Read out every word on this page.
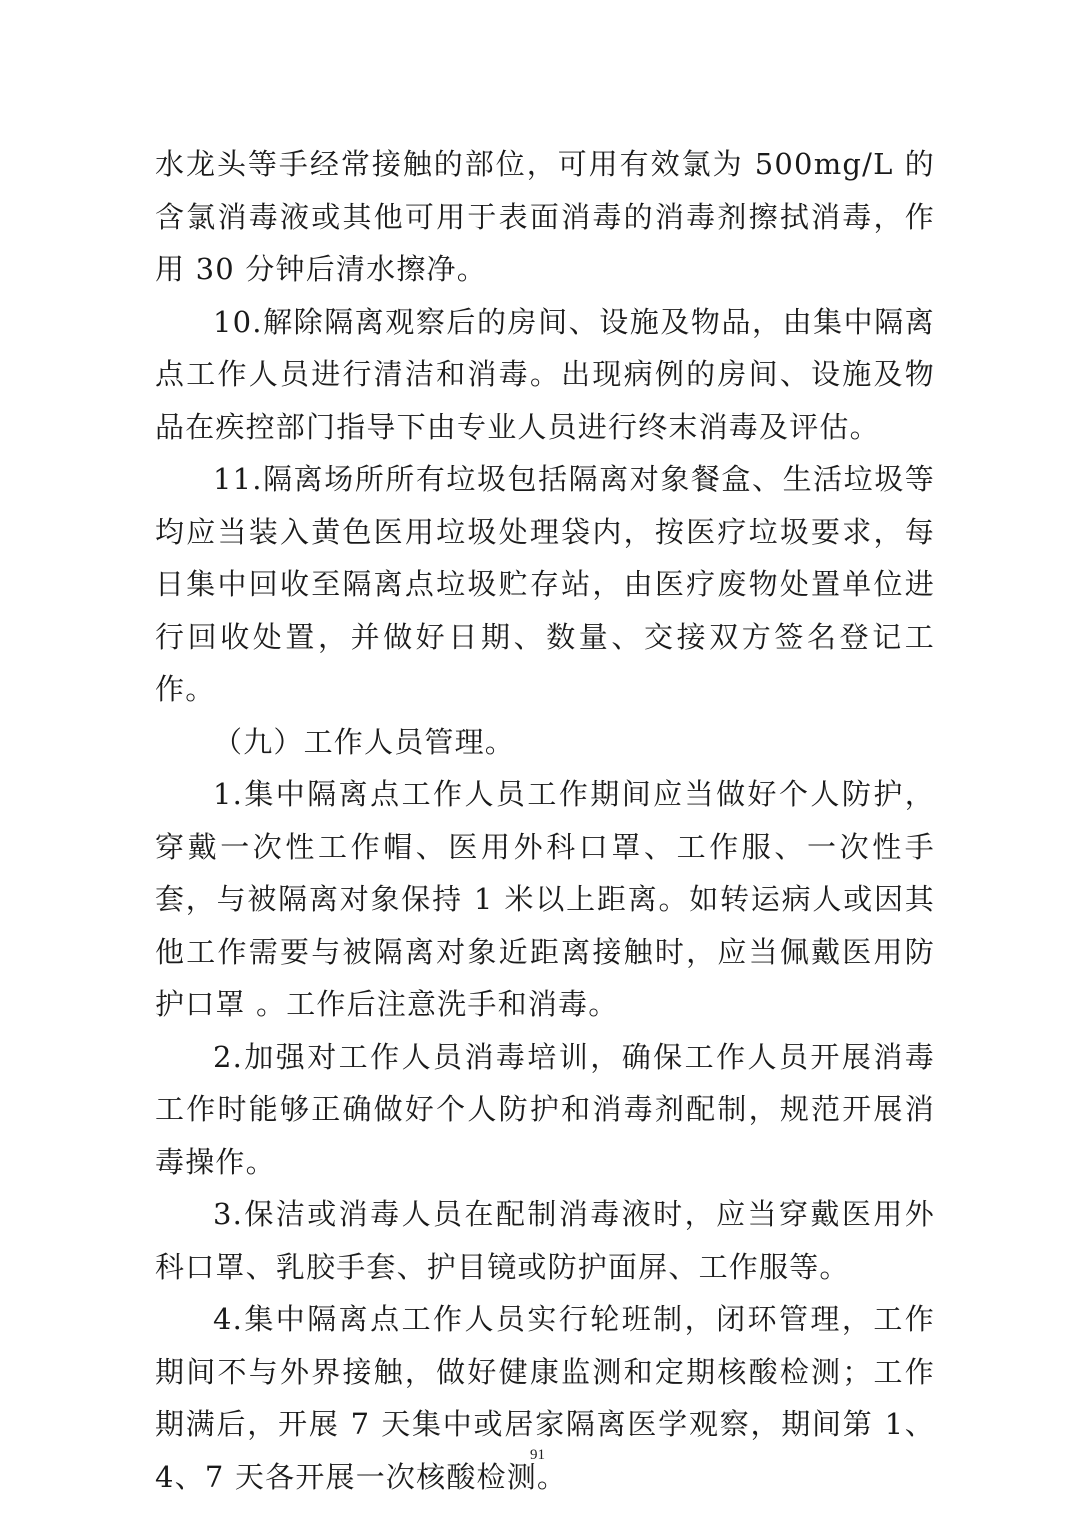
水龙头等手经常接触的部位，可用有效氯为 500mg/L 的含氯消毒液或其他可用于表面消毒的消毒剂擦拭消毒，作用 30 分钟后清水擦净。

10.解除隔离观察后的房间、设施及物品，由集中隔离点工作人员进行清洁和消毒。出现病例的房间、设施及物品在疾控部门指导下由专业人员进行终末消毒及评估。

11.隔离场所所有垃圾包括隔离对象餐盒、生活垃圾等均应当装入黄色医用垃圾处理袋内，按医疗垃圾要求，每日集中回收至隔离点垃圾贮存站，由医疗废物处置单位进行回收处置，并做好日期、数量、交接双方签名登记工作。

（九）工作人员管理。

1.集中隔离点工作人员工作期间应当做好个人防护，穿戴一次性工作帽、医用外科口罩、工作服、一次性手套，与被隔离对象保持 1 米以上距离。如转运病人或因其他工作需要与被隔离对象近距离接触时，应当佩戴医用防护口罩 。工作后注意洗手和消毒。

2.加强对工作人员消毒培训，确保工作人员开展消毒工作时能够正确做好个人防护和消毒剂配制，规范开展消毒操作。

3.保洁或消毒人员在配制消毒液时，应当穿戴医用外科口罩、乳胶手套、护目镜或防护面屏、工作服等。

4.集中隔离点工作人员实行轮班制，闭环管理，工作期间不与外界接触，做好健康监测和定期核酸检测；工作期满后，开展 7 天集中或居家隔离医学观察，期间第 1、4、7 天各开展一次核酸检测。

91
